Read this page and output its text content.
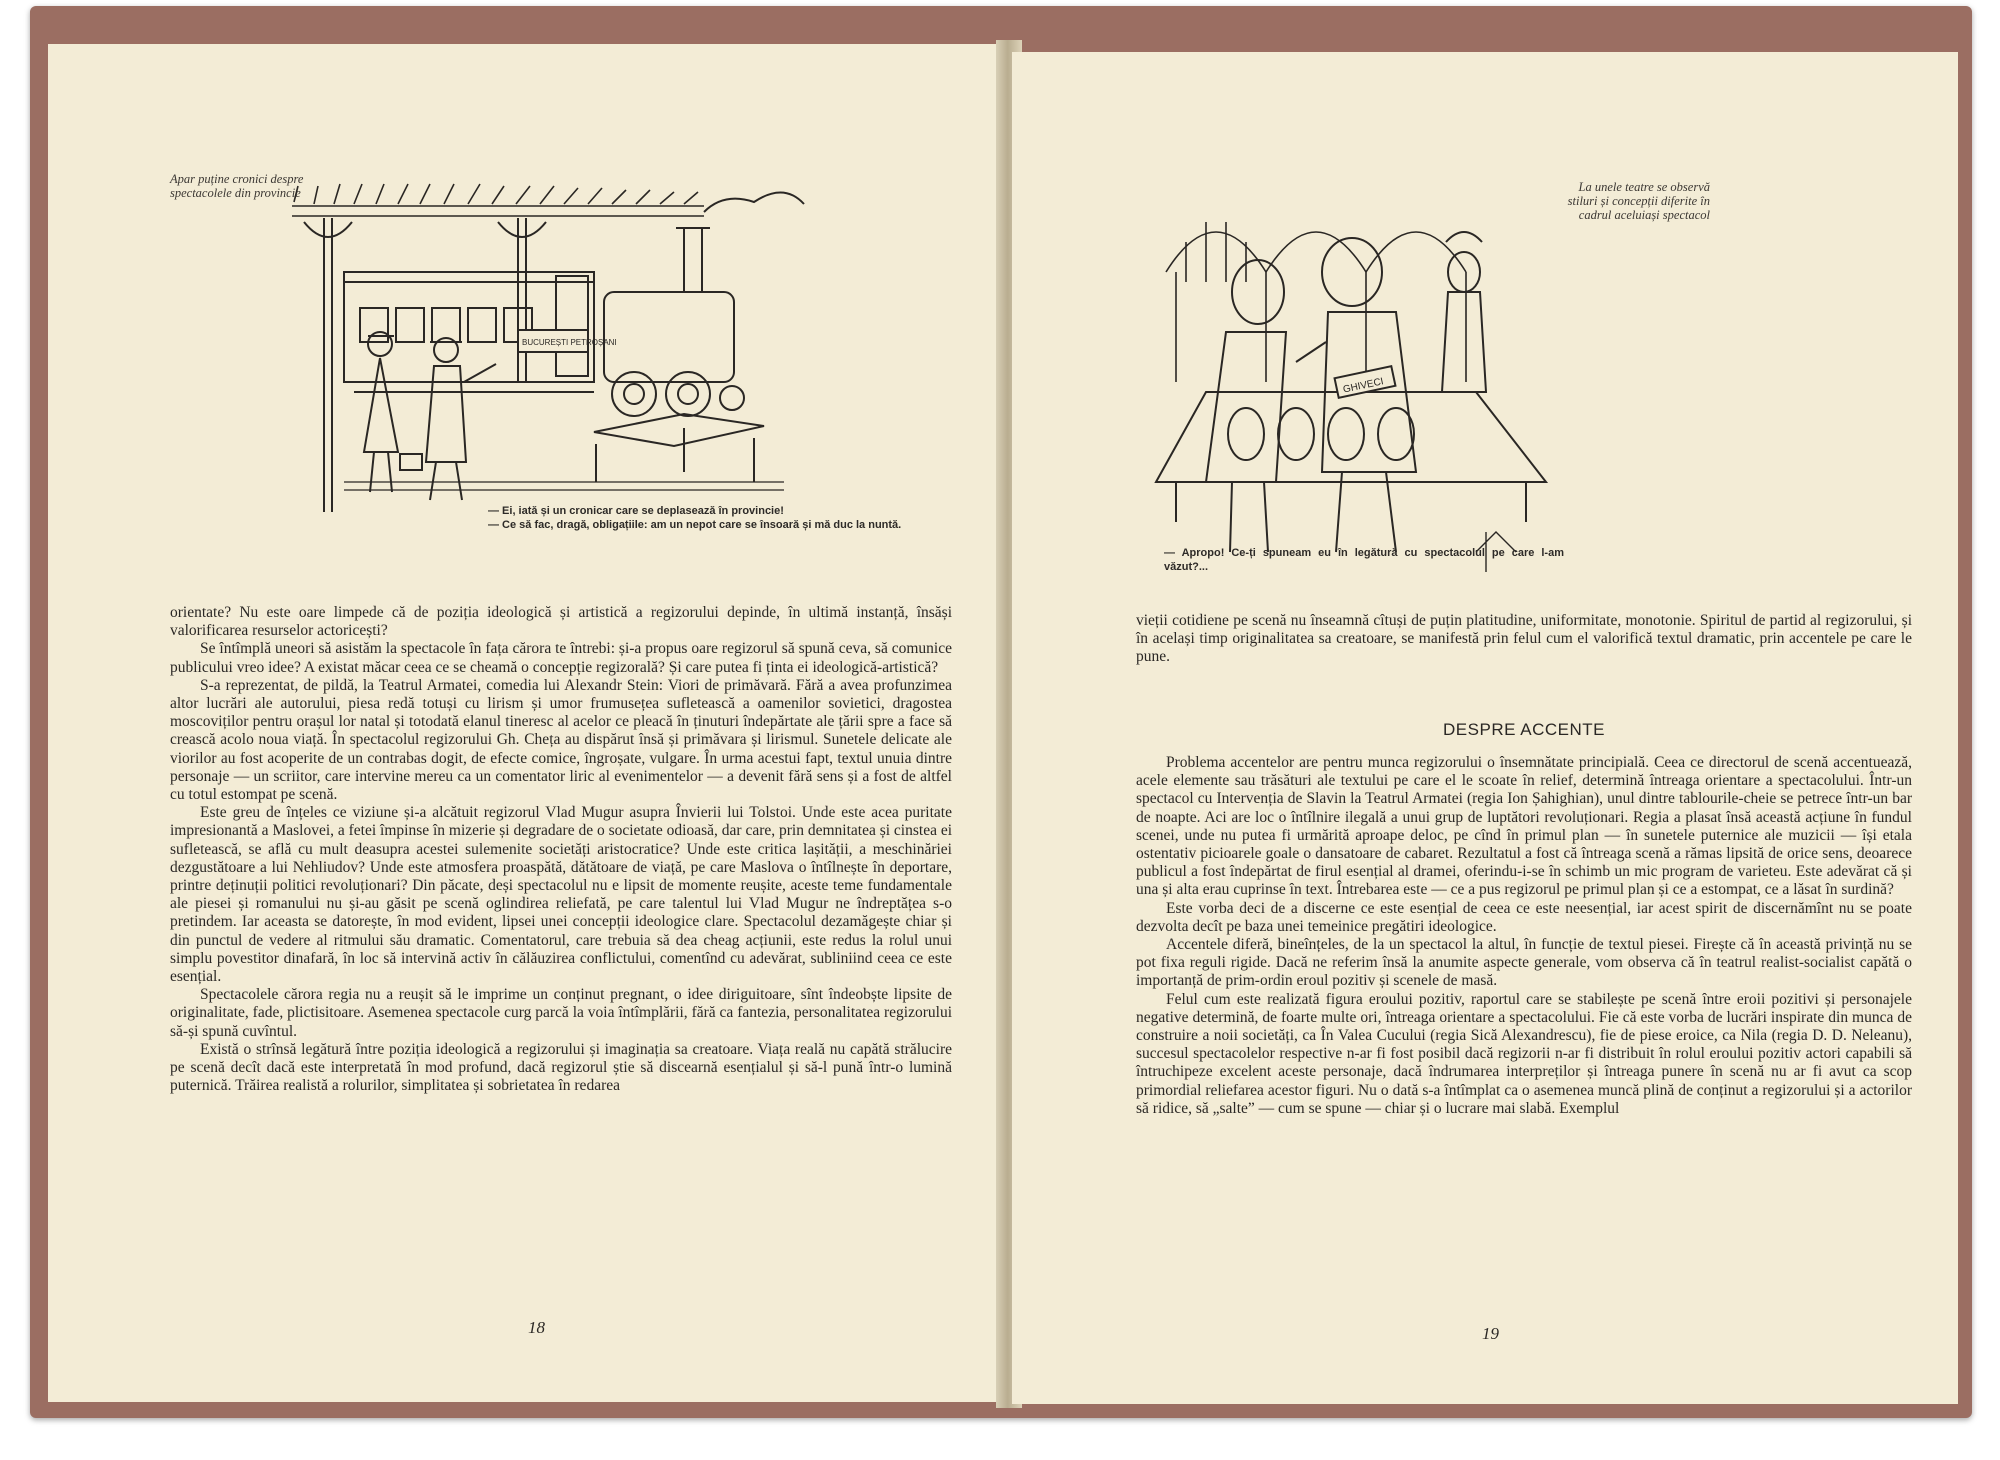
Apar puține cronici despre spectacolele din provincie

BUCUREȘTI PETROȘANI

— Ei, iată și un cronicar care se deplasează în provincie!

— Ce să fac, dragă, obligațiile: am un nepot care se însoară și mă duc la nuntă.

orientate? Nu este oare limpede că de poziția ideologică și artistică a regizorului depinde, în ultimă instanță, însăși valorificarea resurselor actoricești?

Se întîmplă uneori să asistăm la spectacole în fața cărora te întrebi: și-a propus oare regizorul să spună ceva, să comunice publicului vreo idee? A existat măcar ceea ce se cheamă o concepție regizorală? Și care putea fi ținta ei ideologică-artistică?

S-a reprezentat, de pildă, la Teatrul Armatei, comedia lui Alexandr Stein: Viori de primăvară. Fără a avea profunzimea altor lucrări ale autorului, piesa redă totuși cu lirism și umor frumusețea sufletească a oamenilor sovietici, dragostea moscoviților pentru orașul lor natal și totodată elanul tineresc al acelor ce pleacă în ținuturi îndepărtate ale țării spre a face să crească acolo noua viață. În spectacolul regizorului Gh. Cheța au dispărut însă și primăvara și lirismul. Sunetele delicate ale viorilor au fost acoperite de un contrabas dogit, de efecte comice, îngroșate, vulgare. În urma acestui fapt, textul unuia dintre personaje — un scriitor, care intervine mereu ca un comentator liric al evenimentelor — a devenit fără sens și a fost de altfel cu totul estompat pe scenă.

Este greu de înțeles ce viziune și-a alcătuit regizorul Vlad Mugur asupra Învierii lui Tolstoi. Unde este acea puritate impresionantă a Maslovei, a fetei împinse în mizerie și degradare de o societate odioasă, dar care, prin demnitatea și cinstea ei sufletească, se află cu mult deasupra acestei sulemenite societăți aristocratice? Unde este critica lașității, a meschinăriei dezgustătoare a lui Nehliudov? Unde este atmosfera proaspătă, dătătoare de viață, pe care Maslova o întîlnește în deportare, printre deținuții politici revoluționari? Din păcate, deși spectacolul nu e lipsit de momente reușite, aceste teme fundamentale ale piesei și romanului nu și-au găsit pe scenă oglindirea reliefată, pe care talentul lui Vlad Mugur ne îndreptățea s-o pretindem. Iar aceasta se datorește, în mod evident, lipsei unei concepții ideologice clare. Spectacolul dezamăgește chiar și din punctul de vedere al ritmului său dramatic. Comentatorul, care trebuia să dea cheag acțiunii, este redus la rolul unui simplu povestitor dinafară, în loc să intervină activ în călăuzirea conflictului, comentînd cu adevărat, subliniind ceea ce este esențial.

Spectacolele cărora regia nu a reușit să le imprime un conținut pregnant, o idee diriguitoare, sînt îndeobște lipsite de originalitate, fade, plictisitoare. Asemenea spectacole curg parcă la voia întîmplării, fără ca fantezia, personalitatea regizorului să-și spună cuvîntul.

Există o strînsă legătură între poziția ideologică a regizorului și imaginația sa creatoare. Viața reală nu capătă strălucire pe scenă decît dacă este interpretată în mod profund, dacă regizorul știe să discearnă esențialul și să-l pună într-o lumină puternică. Trăirea realistă a rolurilor, simplitatea și sobrietatea în redarea

18

La unele teatre se observă stiluri și concepții diferite în cadrul aceluiași spectacol

GHIVECI

— Apropo! Ce-ți spuneam eu în legătură cu spectacolul pe care l-am văzut?...

vieții cotidiene pe scenă nu înseamnă cîtuși de puțin platitudine, uniformitate, monotonie. Spiritul de partid al regizorului, și în același timp originalitatea sa creatoare, se manifestă prin felul cum el valorifică textul dramatic, prin accentele pe care le pune.

DESPRE ACCENTE

Problema accentelor are pentru munca regizorului o însemnătate principială. Ceea ce directorul de scenă accentuează, acele elemente sau trăsături ale textului pe care el le scoate în relief, determină întreaga orientare a spectacolului. Într-un spectacol cu Intervenția de Slavin la Teatrul Armatei (regia Ion Șahighian), unul dintre tablourile-cheie se petrece într-un bar de noapte. Aci are loc o întîlnire ilegală a unui grup de luptători revoluționari. Regia a plasat însă această acțiune în fundul scenei, unde nu putea fi urmărită aproape deloc, pe cînd în primul plan — în sunetele puternice ale muzicii — își etala ostentativ picioarele goale o dansatoare de cabaret. Rezultatul a fost că întreaga scenă a rămas lipsită de orice sens, deoarece publicul a fost îndepărtat de firul esențial al dramei, oferindu-i-se în schimb un mic program de varieteu. Este adevărat că și una și alta erau cuprinse în text. Întrebarea este — ce a pus regizorul pe primul plan și ce a estompat, ce a lăsat în surdină?

Este vorba deci de a discerne ce este esențial de ceea ce este neesențial, iar acest spirit de discernămînt nu se poate dezvolta decît pe baza unei temeinice pregătiri ideologice.

Accentele diferă, bineînțeles, de la un spectacol la altul, în funcție de textul piesei. Firește că în această privință nu se pot fixa reguli rigide. Dacă ne referim însă la anumite aspecte generale, vom observa că în teatrul realist-socialist capătă o importanță de prim-ordin eroul pozitiv și scenele de masă.

Felul cum este realizată figura eroului pozitiv, raportul care se stabilește pe scenă între eroii pozitivi și personajele negative determină, de foarte multe ori, întreaga orientare a spectacolului. Fie că este vorba de lucrări inspirate din munca de construire a noii societăți, ca În Valea Cucului (regia Sică Alexandrescu), fie de piese eroice, ca Nila (regia D. D. Neleanu), succesul spectacolelor respective n-ar fi fost posibil dacă regizorii n-ar fi distribuit în rolul eroului pozitiv actori capabili să întruchipeze excelent aceste personaje, dacă îndrumarea interpreților și întreaga punere în scenă nu ar fi avut ca scop primordial reliefarea acestor figuri. Nu o dată s-a întîmplat ca o asemenea muncă plină de conținut a regizorului și a actorilor să ridice, să „salte” — cum se spune — chiar și o lucrare mai slabă. Exemplul

19
